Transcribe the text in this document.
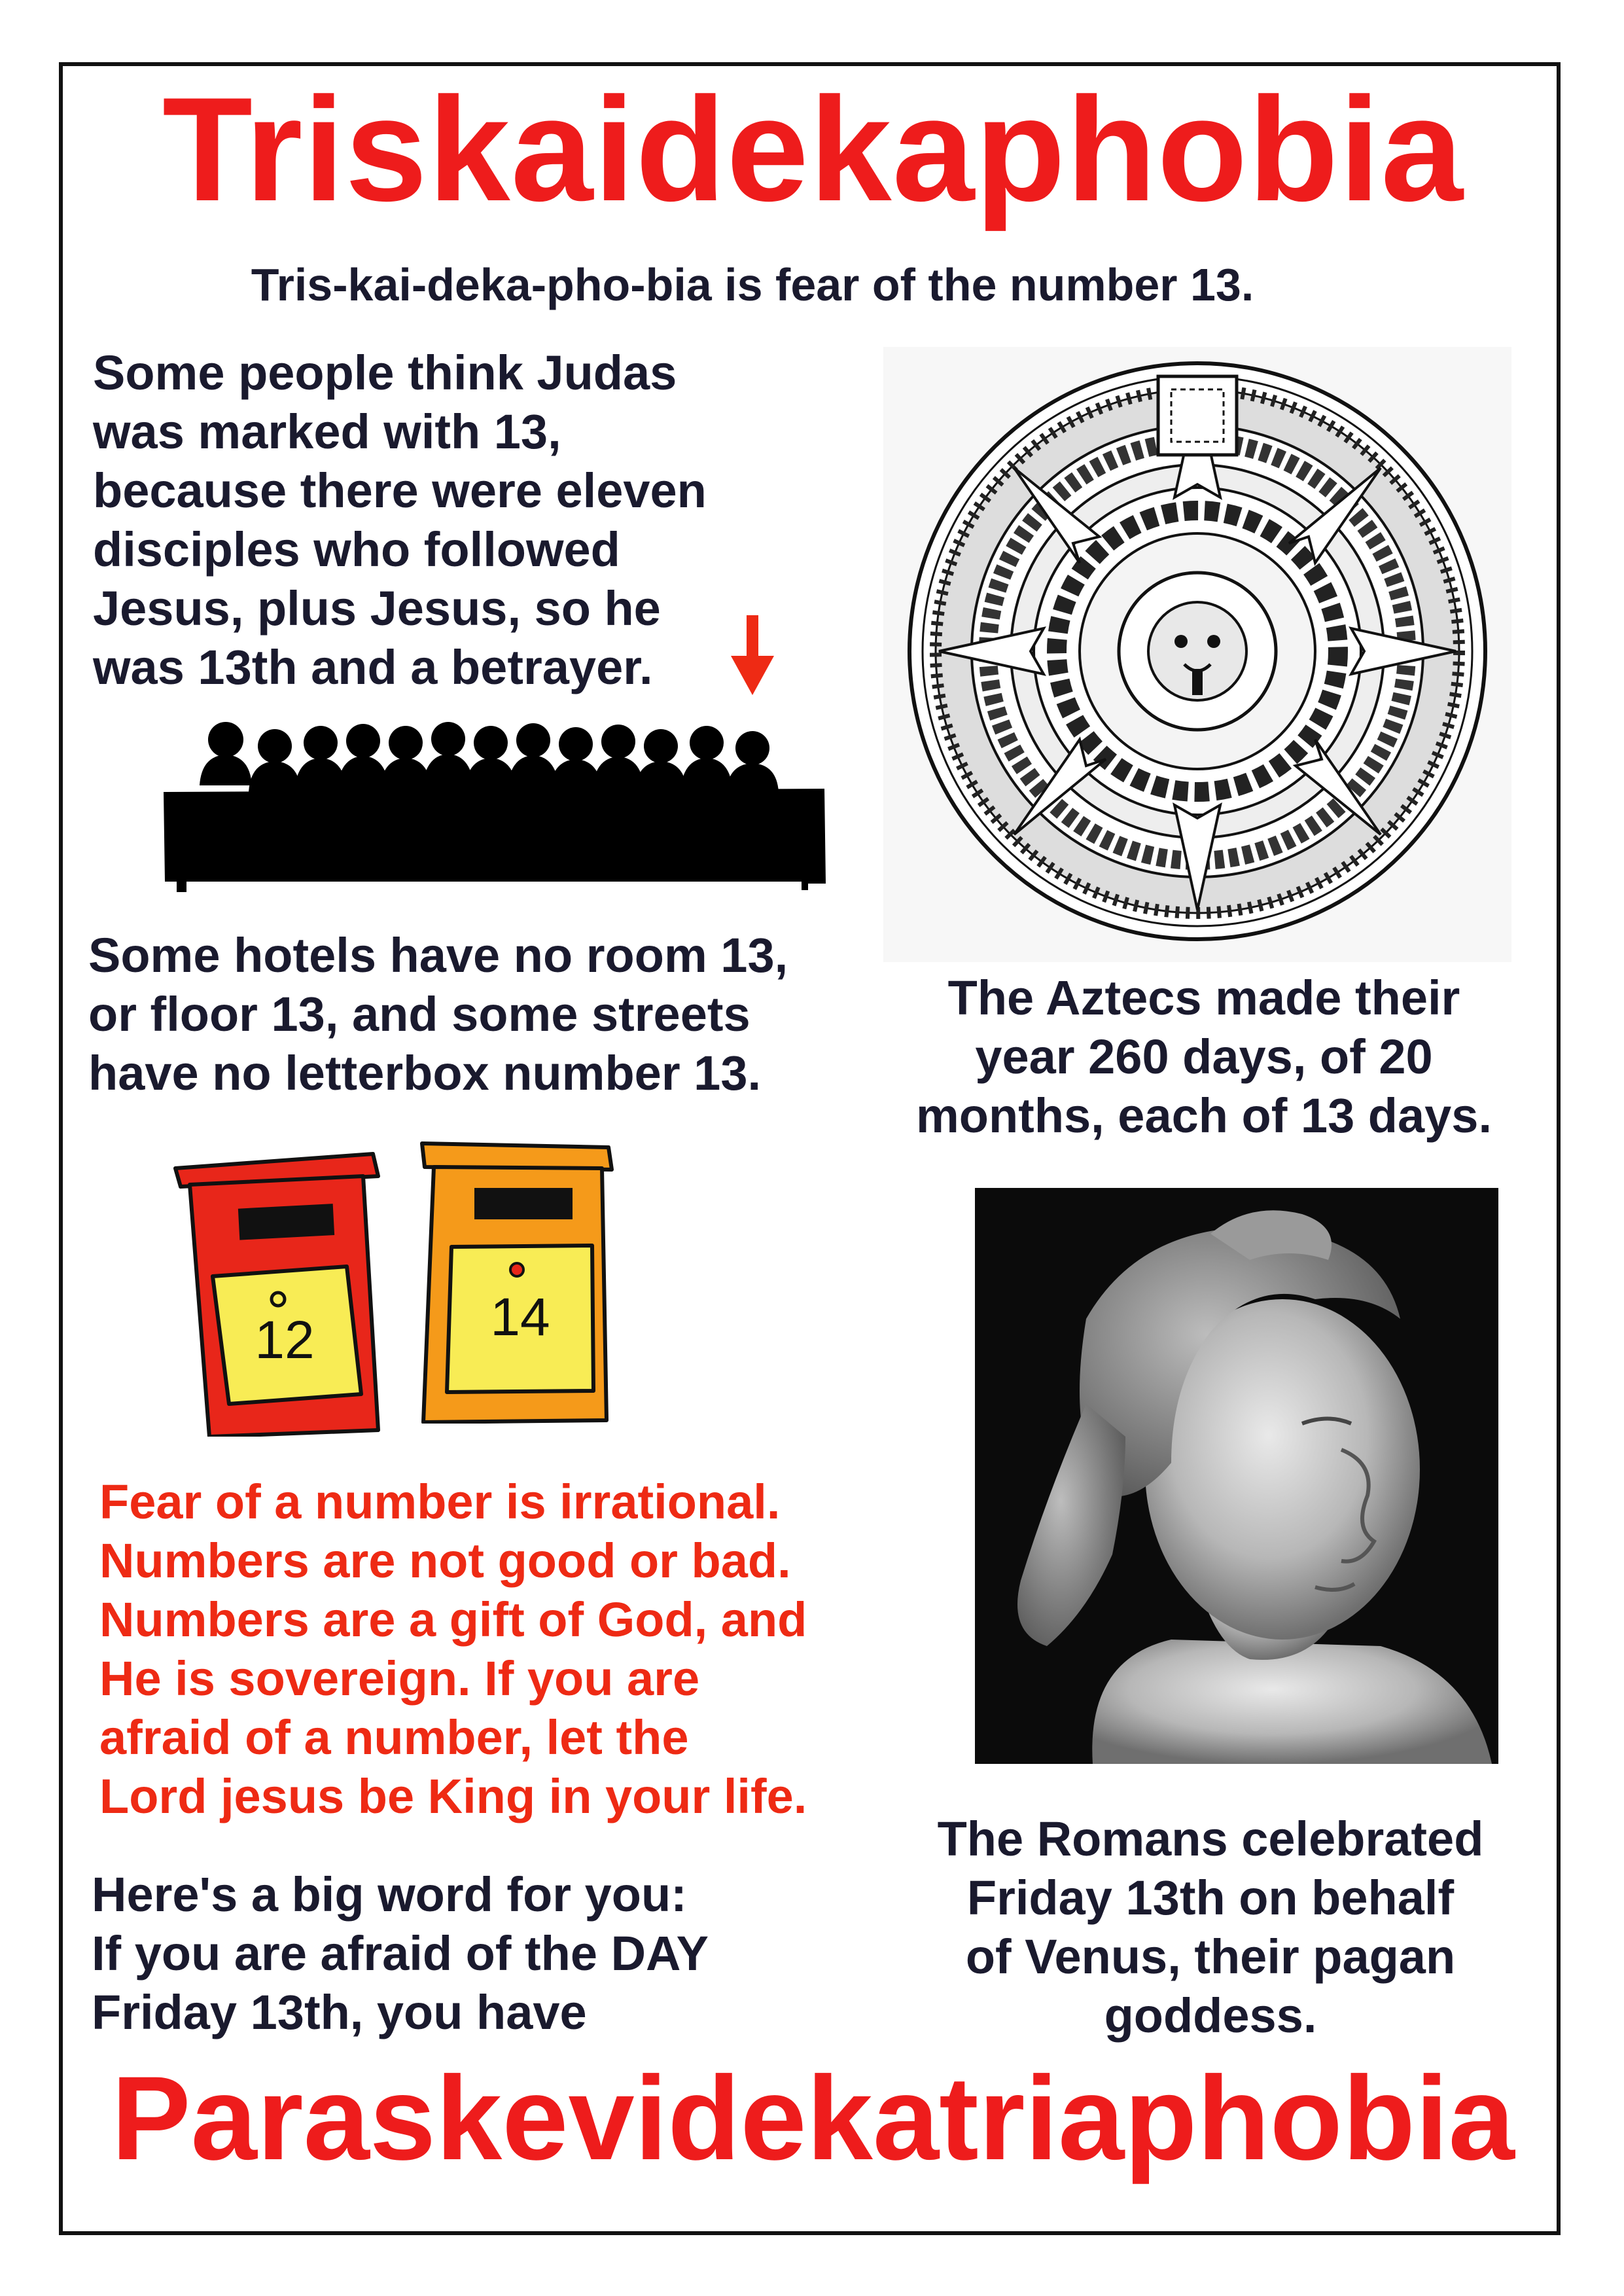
Triskaidekaphobia
Tris-kai-deka-pho-bia is fear of the number 13.
Some people think Judas
was marked with 13,
because there were eleven
disciples who followed
Jesus, plus Jesus, so he
was 13th and a betrayer.
Some hotels have no room 13,
or floor 13, and some streets
have no letterbox number 13.
The Aztecs made their
year 260 days, of 20
months, each of 13 days.
12	14
Fear of a number is irrational.
Numbers are not good or bad.
Numbers are a gift of God, and
He is sovereign. If you are
afraid of a number, let the
Lord jesus be King in your life.
The Romans celebrated
Friday 13th on behalf
of Venus, their pagan
goddess.
Here's a big word for you:
If you are afraid of the DAY
Friday 13th, you have
Paraskevidekatriaphobia
